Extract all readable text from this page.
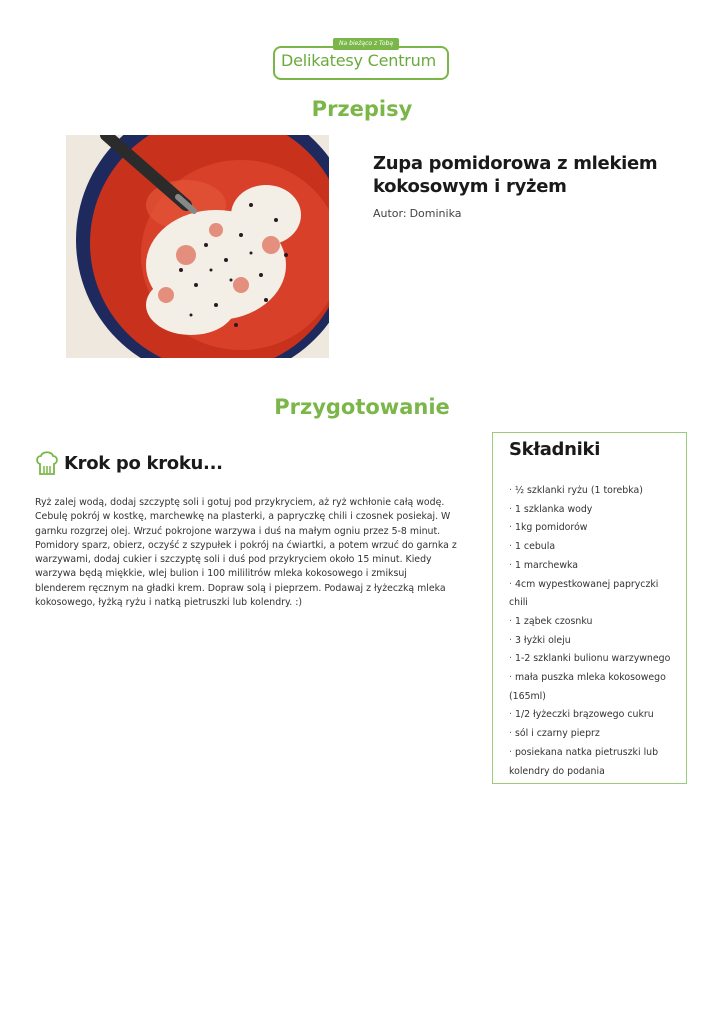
Na bieżąco z Tobą
Delikatesy Centrum
Przepisy
Zupa pomidorowa z mlekiem kokosowym i ryżem
Autor: Dominika
Przygotowanie
Krok po kroku...
Ryż zalej wodą, dodaj szczyptę soli i gotuj pod przykryciem, aż ryż wchłonie całą wodę. Cebulę pokrój w kostkę, marchewkę na plasterki, a papryczkę chili i czosnek posiekaj. W garnku rozgrzej olej. Wrzuć pokrojone warzywa i duś na małym ogniu przez 5-8 minut. Pomidory sparz, obierz, oczyść z szypułek i pokrój na ćwiartki, a potem wrzuć do garnka z warzywami, dodaj cukier i szczyptę soli i duś pod przykryciem około 15 minut. Kiedy warzywa będą miękkie, wlej bulion i 100 mililitrów mleka kokosowego i zmiksuj blenderem ręcznym na gładki krem. Dopraw solą i pieprzem. Podawaj z łyżeczką mleka kokosowego, łyżką ryżu i natką pietruszki lub kolendry. :)
Składniki
· ½ szklanki ryżu (1 torebka)
· 1 szklanka wody
· 1kg pomidorów
· 1 cebula
· 1 marchewka
· 4cm wypestkowanej papryczki chili
· 1 ząbek czosnku
· 3 łyżki oleju
· 1-2 szklanki bulionu warzywnego
· mała puszka mleka kokosowego (165ml)
· 1/2 łyżeczki brązowego cukru
· sól i czarny pieprz
· posiekana natka pietruszki lub kolendry do podania
